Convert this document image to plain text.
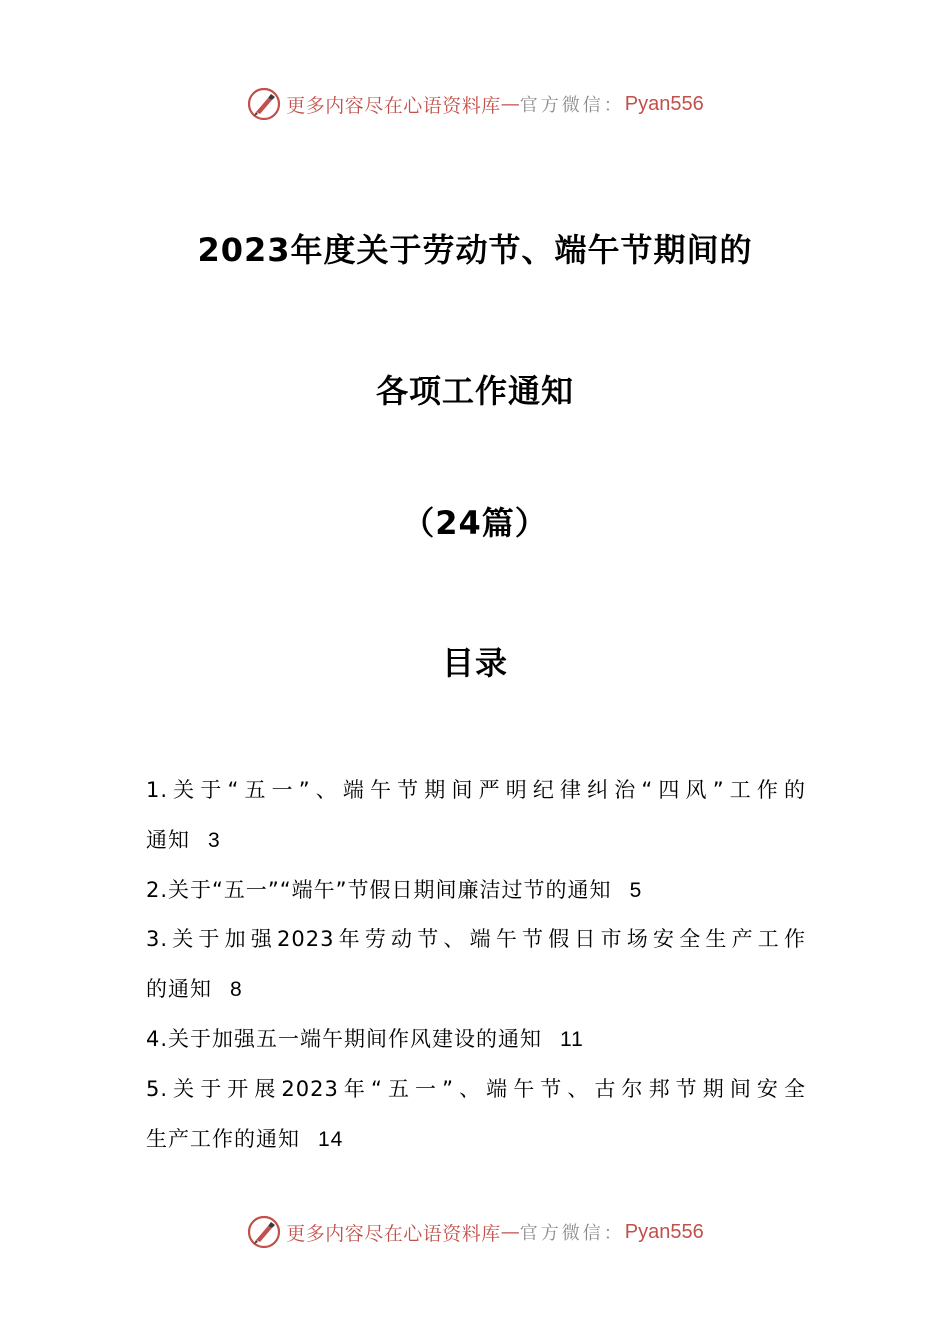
更多内容尽在心语资料库 — 官方微信： Pyan556
2023年度关于劳动节、端午节期间的
各项工作通知
（24篇）
目录
1.关于“五一”、端午节期间严明纪律纠治“四风”工作的
通知 3
2.关于“五一”“端午”节假日期间廉洁过节的通知 5
3.关于加强2023年劳动节、端午节假日市场安全生产工作
的通知 8
4.关于加强五一端午期间作风建设的通知 11
5.关于开展2023年“五一”、端午节、古尔邦节期间安全
生产工作的通知 14
更多内容尽在心语资料库 — 官方微信： Pyan556
